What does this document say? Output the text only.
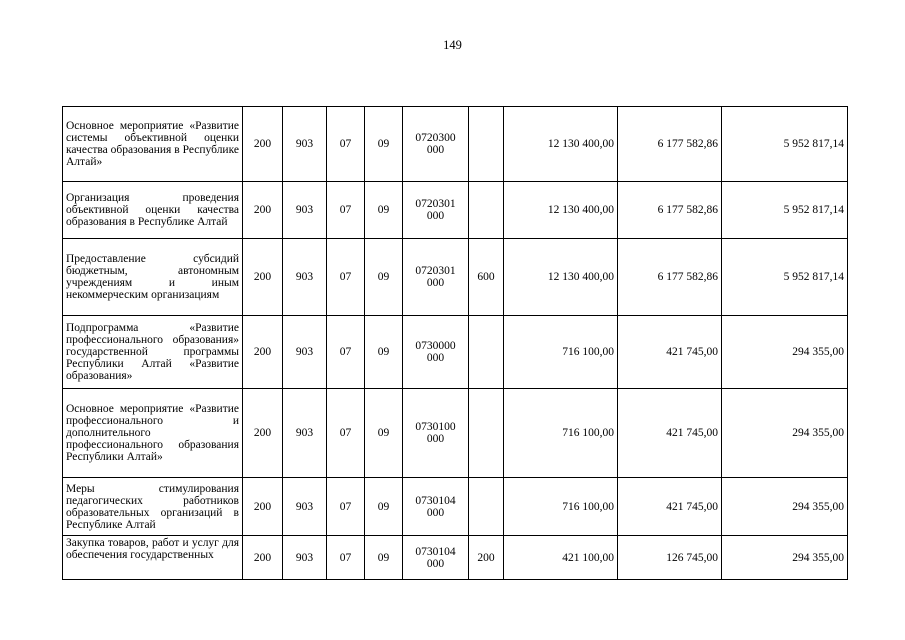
149
Основное мероприятие «Развитие системы объективной оценки качества образования в Республике Алтай»	200	903	07	09	0720300 000		12 130 400,00	6 177 582,86	5 952 817,14
Организация проведения объективной оценки качества образования в Республике Алтай	200	903	07	09	0720301 000		12 130 400,00	6 177 582,86	5 952 817,14
Предоставление субсидий бюджетным, автономным учреждениям и иным некоммерческим организациям	200	903	07	09	0720301 000	600	12 130 400,00	6 177 582,86	5 952 817,14
Подпрограмма «Развитие профессионального образования» государственной программы Республики Алтай «Развитие образования»	200	903	07	09	0730000 000		716 100,00	421 745,00	294 355,00
Основное мероприятие «Развитие профессионального и дополнительного профессионального образования Республики Алтай»	200	903	07	09	0730100 000		716 100,00	421 745,00	294 355,00
Меры стимулирования педагогических работников образовательных организаций в Республике Алтай	200	903	07	09	0730104 000		716 100,00	421 745,00	294 355,00

Закупка товаров, работ и услуг для обеспечения государственных	200	903	07	09	0730104 000	200	421 100,00	126 745,00	294 355,00
